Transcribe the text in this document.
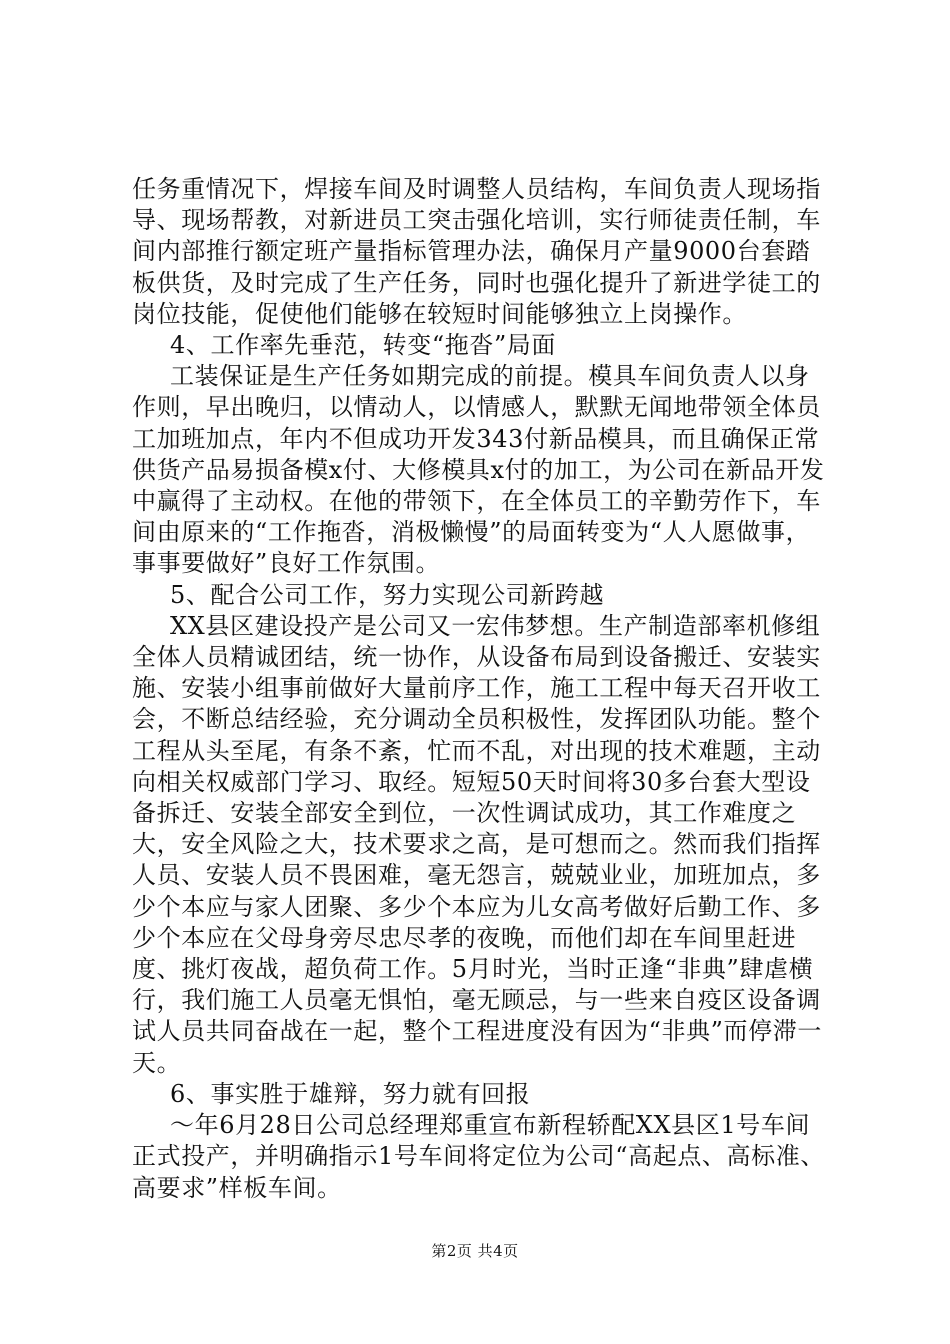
任务重情况下，焊接车间及时调整人员结构，车间负责人现场指导、现场帮教，对新进员工突击强化培训，实行师徒责任制，车间内部推行额定班产量指标管理办法，确保月产量9000台套踏板供货，及时完成了生产任务，同时也强化提升了新进学徒工的岗位技能，促使他们能够在较短时间能够独立上岗操作。

4、工作率先垂范，转变“拖沓”局面

工装保证是生产任务如期完成的前提。模具车间负责人以身作则，早出晚归，以情动人，以情感人，默默无闻地带领全体员工加班加点，年内不但成功开发343付新品模具，而且确保正常供货产品易损备模x付、大修模具x付的加工，为公司在新品开发中赢得了主动权。在他的带领下，在全体员工的辛勤劳作下，车间由原来的“工作拖沓，消极懒慢”的局面转变为“人人愿做事，事事要做好”良好工作氛围。

5、配合公司工作，努力实现公司新跨越

XX县区建设投产是公司又一宏伟梦想。生产制造部率机修组全体人员精诚团结，统一协作，从设备布局到设备搬迁、安装实施、安装小组事前做好大量前序工作，施工工程中每天召开收工会，不断总结经验，充分调动全员积极性，发挥团队功能。整个工程从头至尾，有条不紊，忙而不乱，对出现的技术难题，主动向相关权威部门学习、取经。短短50天时间将30多台套大型设备拆迁、安装全部安全到位，一次性调试成功，其工作难度之大，安全风险之大，技术要求之高，是可想而之。然而我们指挥人员、安装人员不畏困难，毫无怨言，兢兢业业，加班加点，多少个本应与家人团聚、多少个本应为儿女高考做好后勤工作、多少个本应在父母身旁尽忠尽孝的夜晚，而他们却在车间里赶进度、挑灯夜战，超负荷工作。5月时光，当时正逢“非典”肆虐横行，我们施工人员毫无惧怕，毫无顾忌，与一些来自疫区设备调试人员共同奋战在一起，整个工程进度没有因为“非典”而停滞一天。

6、事实胜于雄辩，努力就有回报

～年6月28日公司总经理郑重宣布新程轿配XX县区1号车间正式投产，并明确指示1号车间将定位为公司“高起点、高标准、高要求”样板车间。

第2页 共4页
